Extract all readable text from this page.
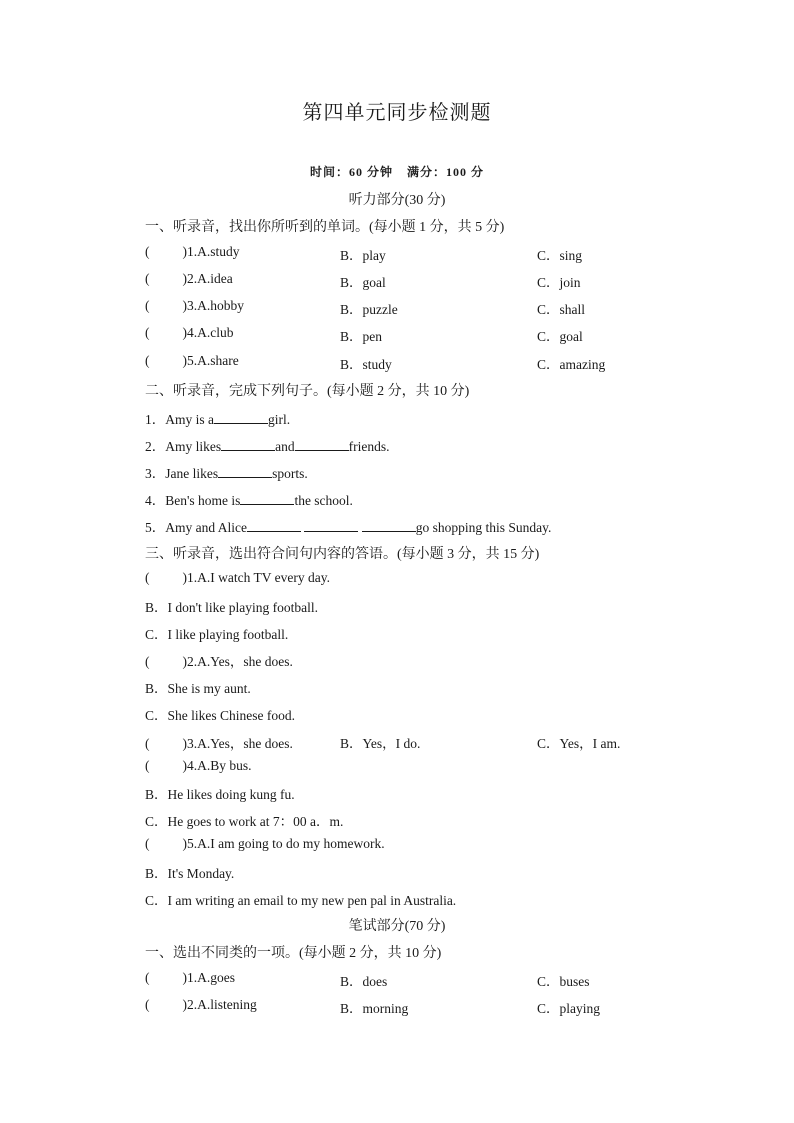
第四单元同步检测题
时间：60 分钟 满分：100 分
听力部分(30 分)
一、听录音，找出你所听到的单词。(每小题 1 分，共 5 分)
( )1.A.study	B．play	C．sing
( )2.A.idea	B．goal	C．join
( )3.A.hobby	B．puzzle	C．shall
( )4.A.club	B．pen	C．goal
( )5.A.share	B．study	C．amazing
二、听录音，完成下列句子。(每小题 2 分，共 10 分)
1．Amy is a	girl.
2．Amy likes	and	friends.
3．Jane likes	sports.
4．Ben's home is	the school.
5．Amy and Alice	go shopping this Sunday.
三、听录音，选出符合问句内容的答语。(每小题 3 分，共 15 分)
( )1.A.I watch TV every day.
B．I don't like playing football.
C．I like playing football.
( )2.A.Yes，she does.
B．She is my aunt.
C．She likes Chinese food.
( )3.A.Yes，she does.	B．Yes，I do.	C．Yes，I am.
( )4.A.By bus.
B．He likes doing kung fu.
C．He goes to work at 7：00 a．m.
( )5.A.I am going to do my homework.
B．It's Monday.
C．I am writing an email to my new pen pal in Australia.
笔试部分(70 分)
一、选出不同类的一项。(每小题 2 分，共 10 分)
( )1.A.goes	B．does	C．buses
( )2.A.listening	B．morning	C．playing
